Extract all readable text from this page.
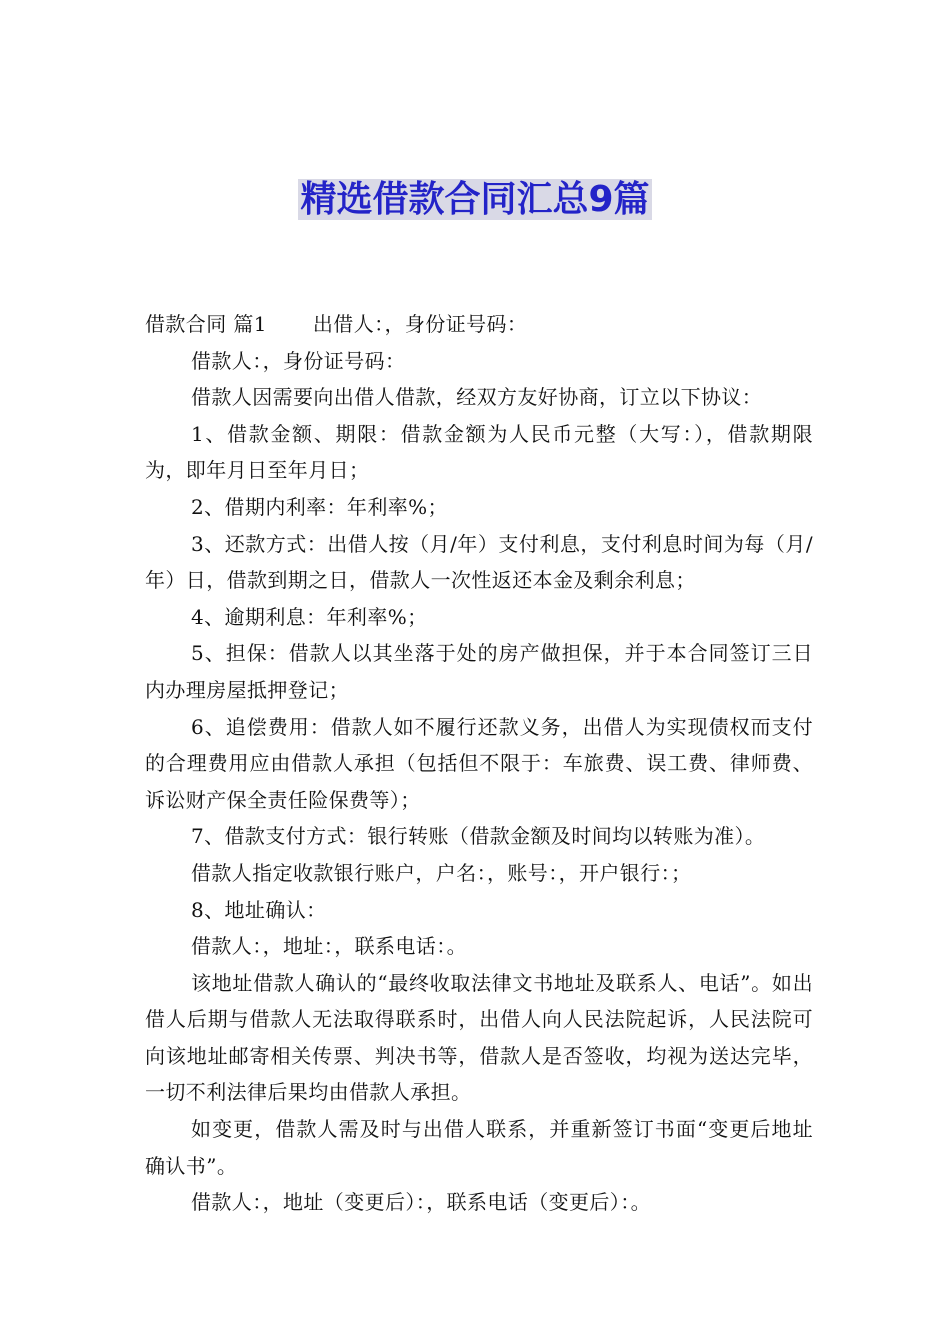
精选借款合同汇总9篇

借款合同 篇1 出借人：，身份证号码：

借款人：，身份证号码：

借款人因需要向出借人借款，经双方友好协商，订立以下协议：

1、借款金额、期限：借款金额为人民币元整（大写：），借款期限为，即年月日至年月日；

2、借期内利率：年利率%；

3、还款方式：出借人按（月/年）支付利息，支付利息时间为每（月/年）日，借款到期之日，借款人一次性返还本金及剩余利息；

4、逾期利息：年利率%；

5、担保：借款人以其坐落于处的房产做担保，并于本合同签订三日内办理房屋抵押登记；

6、追偿费用：借款人如不履行还款义务，出借人为实现债权而支付的合理费用应由借款人承担（包括但不限于：车旅费、误工费、律师费、诉讼财产保全责任险保费等）；

7、借款支付方式：银行转账（借款金额及时间均以转账为准）。

借款人指定收款银行账户，户名：，账号：，开户银行：；

8、地址确认：

借款人：，地址：，联系电话：。

该地址借款人确认的“最终收取法律文书地址及联系人、电话”。如出借人后期与借款人无法取得联系时，出借人向人民法院起诉，人民法院可向该地址邮寄相关传票、判决书等，借款人是否签收，均视为送达完毕，一切不利法律后果均由借款人承担。

如变更，借款人需及时与出借人联系，并重新签订书面“变更后地址确认书”。

借款人：，地址（变更后）：，联系电话（变更后）：。
